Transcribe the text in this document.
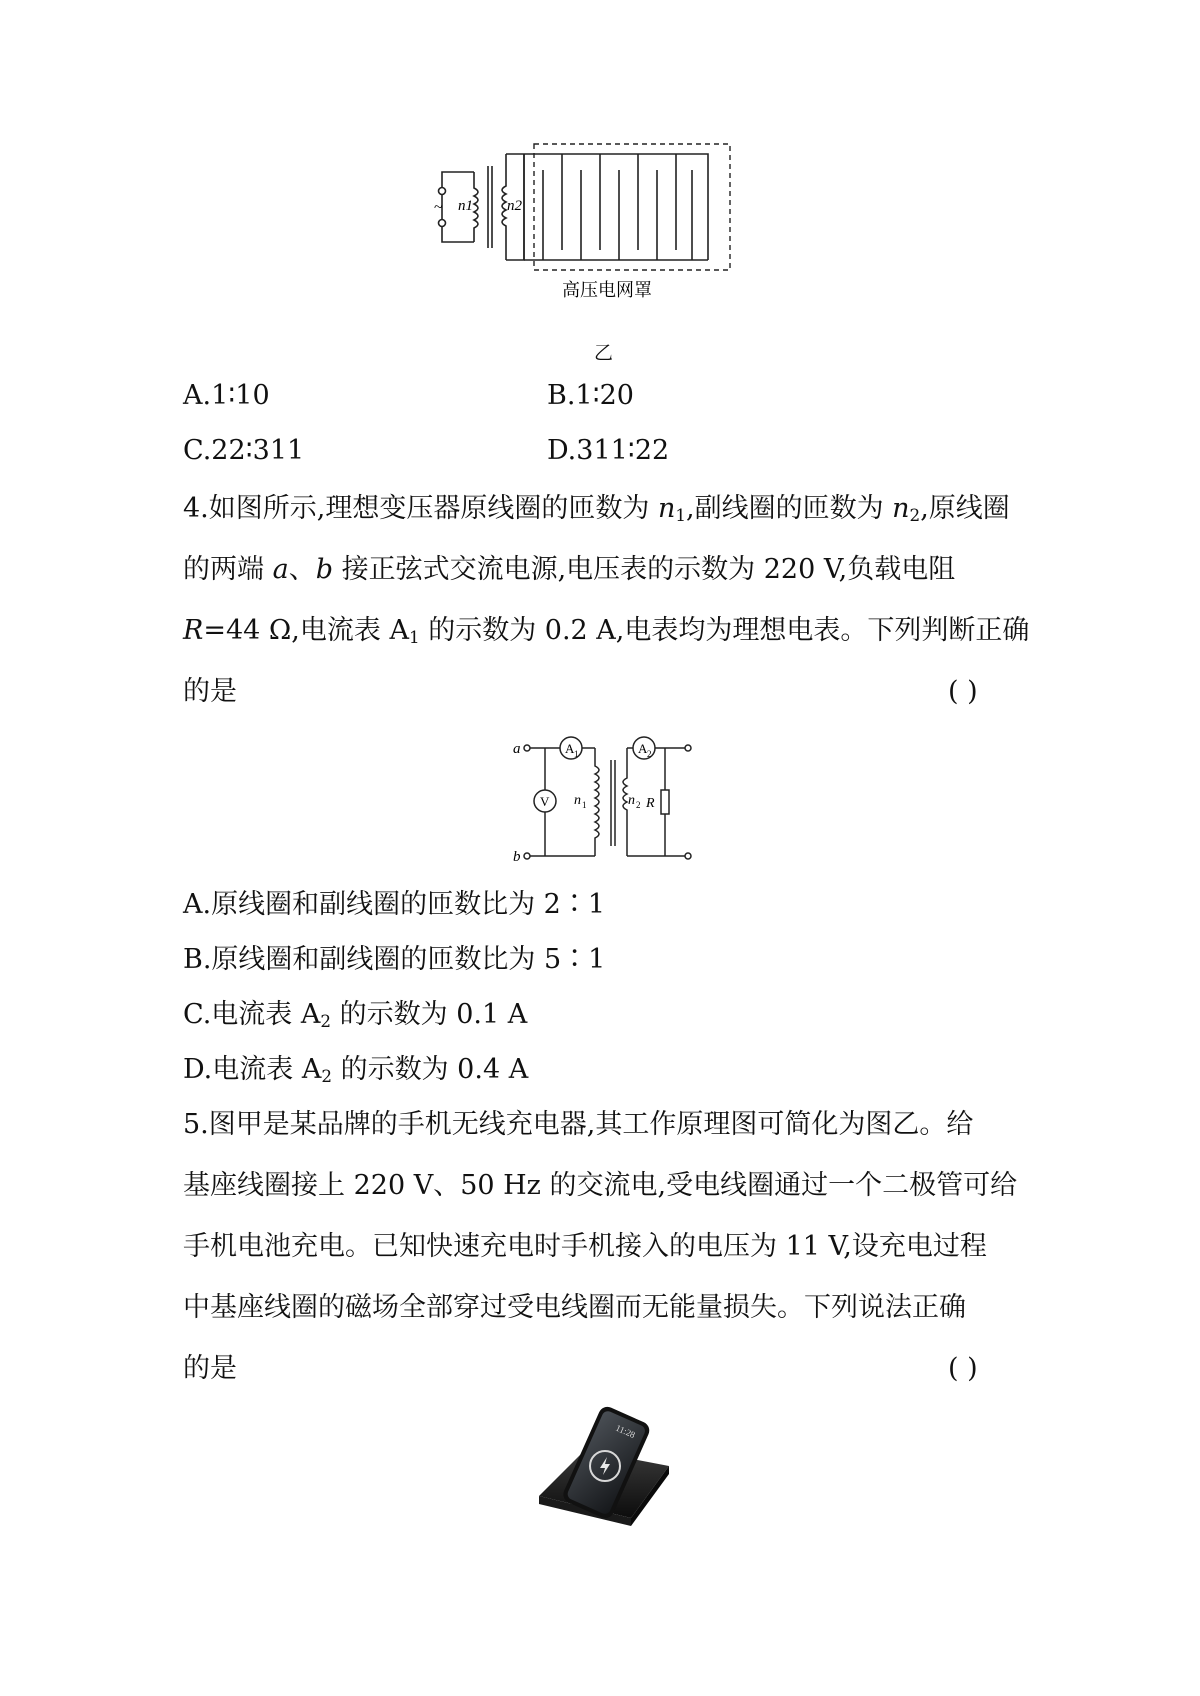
~ n1 n2
高压电网罩
乙
A.1∶10	B.1∶20
C.22∶311	D.311∶22
4.如图所示,理想变压器原线圈的匝数为 $n_1$,副线圈的匝数为 $n_2$,原线圈
的两端 a、b 接正弦式交流电源,电压表的示数为 220 V,负载电阻
R=44 Ω,电流表 $A_1$ 的示数为 0.2 A,电表均为理想电表。下列判断正确
的是	( )
a
b
A 1	A 2
V n 1	n 2 R
A.原线圈和副线圈的匝数比为 2∶1
B.原线圈和副线圈的匝数比为 5∶1
C.电流表 $A_2$ 的示数为 0.1 A
D.电流表 $A_2$ 的示数为 0.4 A
5.图甲是某品牌的手机无线充电器,其工作原理图可简化为图乙。给
基座线圈接上 220 V、50 Hz 的交流电,受电线圈通过一个二极管可给
手机电池充电。已知快速充电时手机接入的电压为 11 V,设充电过程
中基座线圈的磁场全部穿过受电线圈而无能量损失。下列说法正确
的是	( )
11:28
